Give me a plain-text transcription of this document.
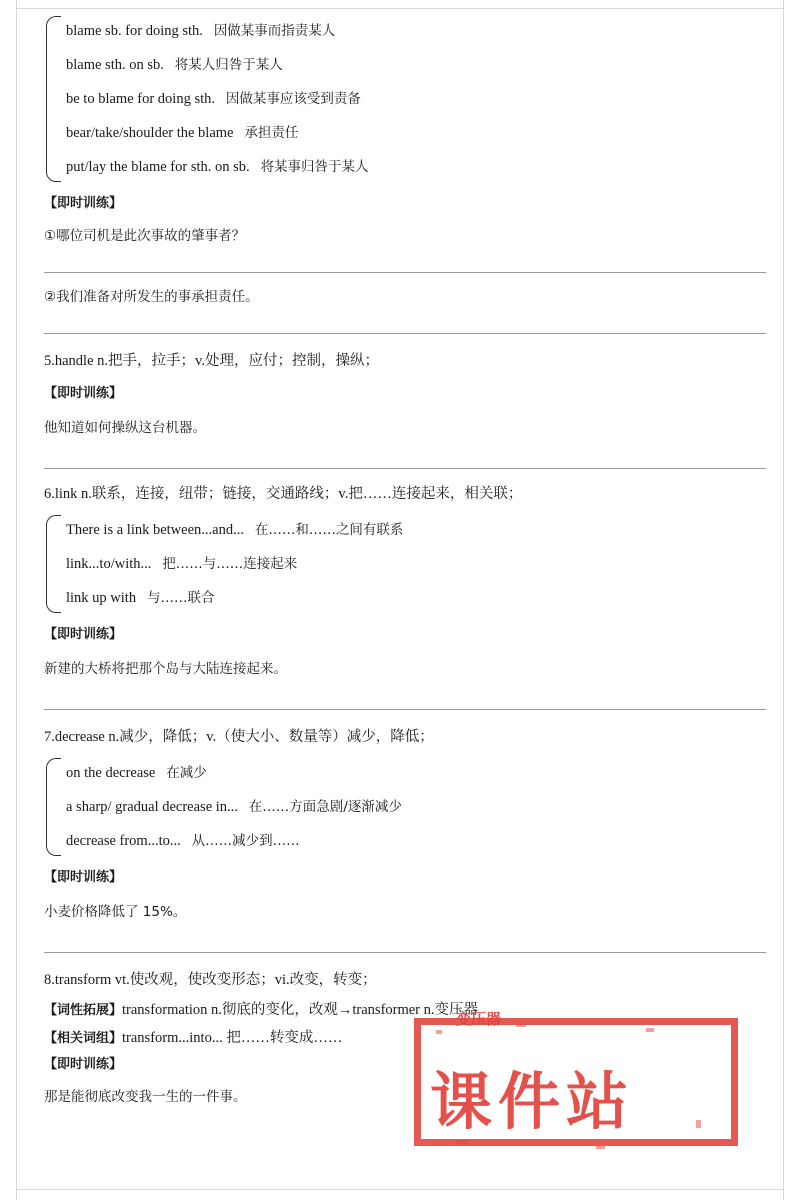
blame sb. for doing sth. 因做某事而指责某人
blame sth. on sb. 将某人归咎于某人
be to blame for doing sth. 因做某事应该受到责备
bear/take/shoulder the blame 承担责任
put/lay the blame for sth. on sb. 将某事归咎于某人

【即时训练】

①哪位司机是此次事故的肇事者？

②我们准备对所发生的事承担责任。

5.handle n.把手，拉手；v.处理，应付；控制，操纵；

【即时训练】

他知道如何操纵这台机器。

6.link n.联系，连接，纽带；链接，交通路线；v.把……连接起来，相关联；

There is a link between...and... 在……和……之间有联系
link...to/with... 把……与……连接起来
link up with 与……联合

【即时训练】

新建的大桥将把那个岛与大陆连接起来。

7.decrease n.减少，降低；v.（使大小、数量等）减少，降低；

on the decrease 在减少
a sharp/ gradual decrease in... 在……方面急剧/逐渐减少
decrease from...to... 从……减少到……

【即时训练】

小麦价格降低了 15%。

8.transform vt.使改观，使改变形态；vi.改变，转变；

【词性拓展】transformation n.彻底的变化，改观→transformer n.变压器

【相关词组】transform...into... 把……转变成……

【即时训练】

那是能彻底改变我一生的一件事。

变压器
课件站
